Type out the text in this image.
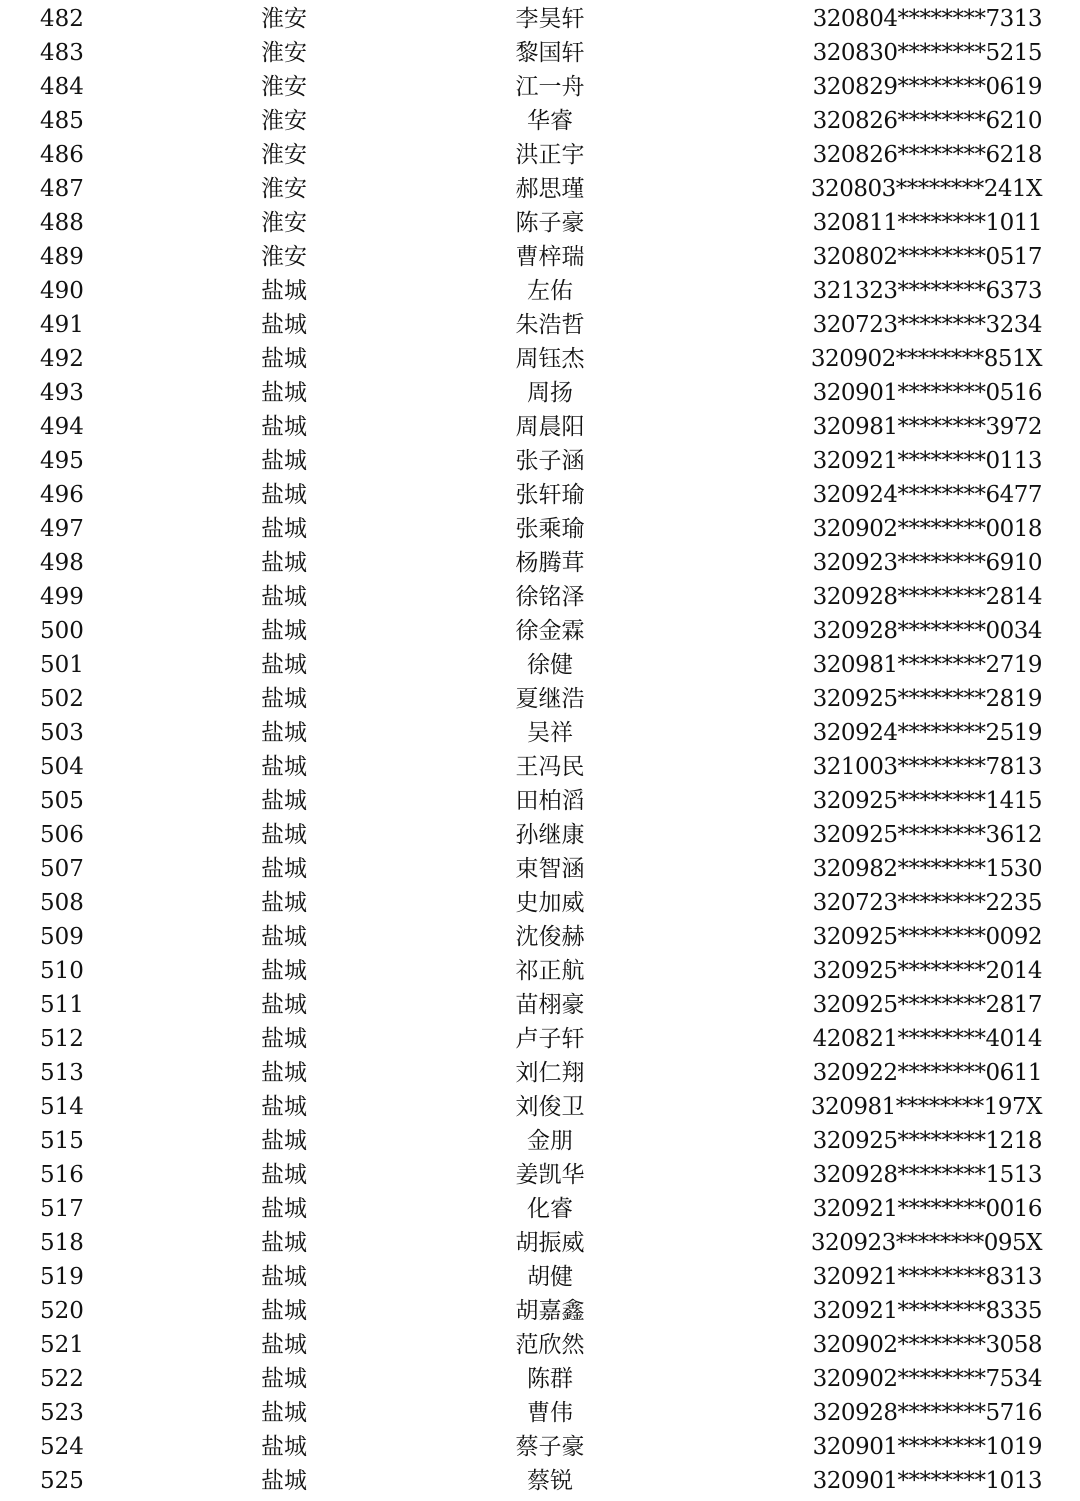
482	淮安	李昊轩	320804********7313
483	淮安	黎国轩	320830********5215
484	淮安	江一舟	320829********0619
485	淮安	华睿	320826********6210
486	淮安	洪正宇	320826********6218
487	淮安	郝思瑾	320803********241X
488	淮安	陈子豪	320811********1011
489	淮安	曹梓瑞	320802********0517
490	盐城	左佑	321323********6373
491	盐城	朱浩哲	320723********3234
492	盐城	周钰杰	320902********851X
493	盐城	周扬	320901********0516
494	盐城	周晨阳	320981********3972
495	盐城	张子涵	320921********0113
496	盐城	张轩瑜	320924********6477
497	盐城	张乘瑜	320902********0018
498	盐城	杨腾茸	320923********6910
499	盐城	徐铭泽	320928********2814
500	盐城	徐金霖	320928********0034
501	盐城	徐健	320981********2719
502	盐城	夏继浩	320925********2819
503	盐城	吴祥	320924********2519
504	盐城	王冯民	321003********7813
505	盐城	田柏滔	320925********1415
506	盐城	孙继康	320925********3612
507	盐城	束智涵	320982********1530
508	盐城	史加威	320723********2235
509	盐城	沈俊赫	320925********0092
510	盐城	祁正航	320925********2014
511	盐城	苗栩豪	320925********2817
512	盐城	卢子轩	420821********4014
513	盐城	刘仁翔	320922********0611
514	盐城	刘俊卫	320981********197X
515	盐城	金朋	320925********1218
516	盐城	姜凯华	320928********1513
517	盐城	化睿	320921********0016
518	盐城	胡振威	320923********095X
519	盐城	胡健	320921********8313
520	盐城	胡嘉鑫	320921********8335
521	盐城	范欣然	320902********3058
522	盐城	陈群	320902********7534
523	盐城	曹伟	320928********5716
524	盐城	蔡子豪	320901********1019
525	盐城	蔡锐	320901********1013
